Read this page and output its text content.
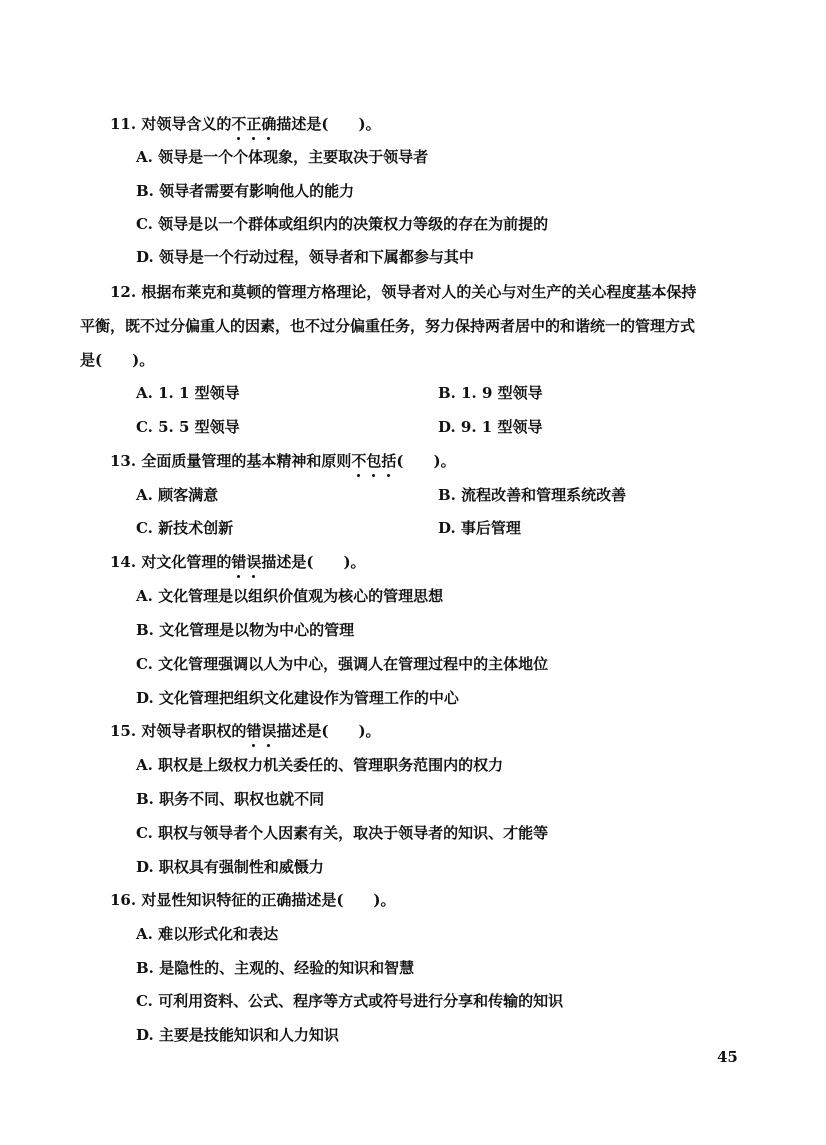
11. 对领导含义的不正确描述是(　　)。
A. 领导是一个个体现象，主要取决于领导者
B. 领导者需要有影响他人的能力
C. 领导是以一个群体或组织内的决策权力等级的存在为前提的
D. 领导是一个行动过程，领导者和下属都参与其中
12. 根据布莱克和莫顿的管理方格理论，领导者对人的关心与对生产的关心程度基本保持
平衡，既不过分偏重人的因素，也不过分偏重任务，努力保持两者居中的和谐统一的管理方式
是(　　)。
A. 1. 1 型领导	B. 1. 9 型领导
C. 5. 5 型领导	D. 9. 1 型领导
13. 全面质量管理的基本精神和原则不包括(　　)。
A. 顾客满意	B. 流程改善和管理系统改善
C. 新技术创新	D. 事后管理
14. 对文化管理的错误描述是(　　)。
A. 文化管理是以组织价值观为核心的管理思想
B. 文化管理是以物为中心的管理
C. 文化管理强调以人为中心，强调人在管理过程中的主体地位
D. 文化管理把组织文化建设作为管理工作的中心
15. 对领导者职权的错误描述是(　　)。
A. 职权是上级权力机关委任的、管理职务范围内的权力
B. 职务不同、职权也就不同
C. 职权与领导者个人因素有关，取决于领导者的知识、才能等
D. 职权具有强制性和威慑力
16. 对显性知识特征的正确描述是(　　)。
A. 难以形式化和表达
B. 是隐性的、主观的、经验的知识和智慧
C. 可利用资料、公式、程序等方式或符号进行分享和传输的知识
D. 主要是技能知识和人力知识
45
